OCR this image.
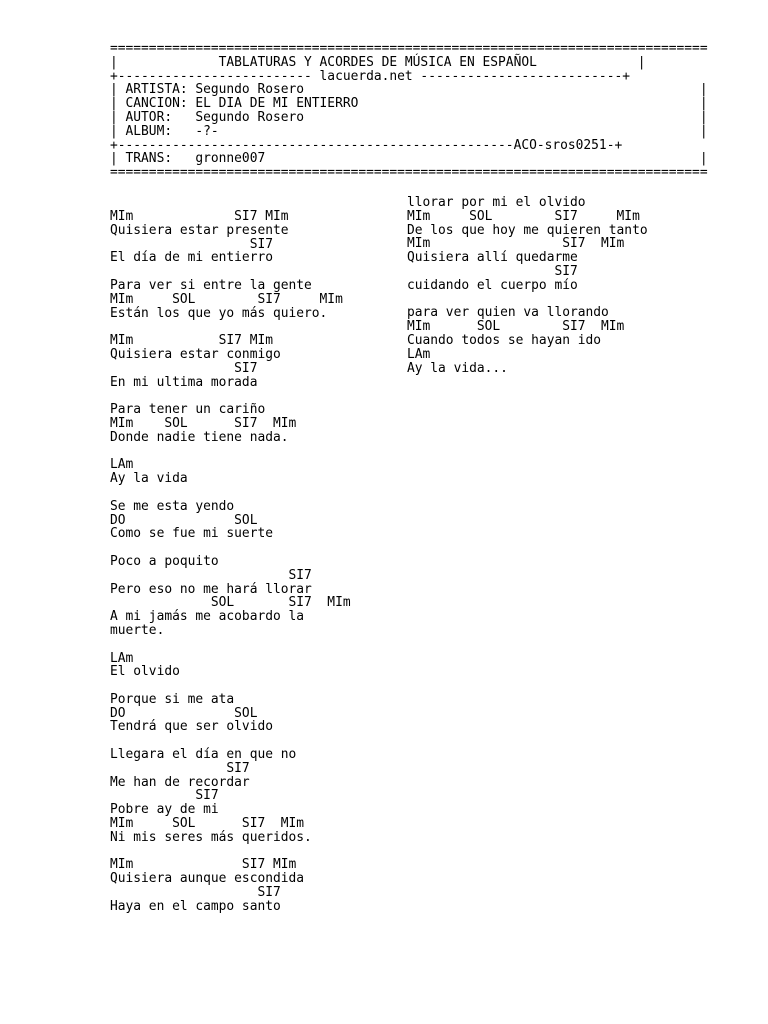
=============================================================================
|             TABLATURAS Y ACORDES DE MÚSICA EN ESPAÑOL             |
+------------------------- lacuerda.net --------------------------+
| ARTISTA: Segundo Rosero                                                   |
| CANCION: EL DIA DE MI ENTIERRO                                            |
| AUTOR:   Segundo Rosero                                                   |
| ALBUM:   -?-                                                              |
+---------------------------------------------------ACO-sros0251-+
| TRANS:   gronne007                                                        |
=============================================================================
MIm             SI7 MIm
Quisiera estar presente
SI7
El día de mi entierro
Para ver si entre la gente
MIm     SOL        SI7     MIm
Están los que yo más quiero.
MIm           SI7 MIm
Quisiera estar conmigo
SI7
En mi ultima morada
Para tener un cariño
MIm    SOL      SI7  MIm
Donde nadie tiene nada.
LAm
Ay la vida
Se me esta yendo
DO              SOL
Como se fue mi suerte
Poco a poquito
SI7
Pero eso no me hará llorar
SOL       SI7  MIm
A mi jamás me acobardo la
muerte.
LAm
El olvido
Porque si me ata
DO              SOL
Tendrá que ser olvido
Llegara el día en que no
SI7
Me han de recordar
SI7
Pobre ay de mi
MIm     SOL      SI7  MIm
Ni mis seres más queridos.
MIm              SI7 MIm
Quisiera aunque escondida
SI7
Haya en el campo santo
llorar por mi el olvido
MIm     SOL        SI7     MIm
De los que hoy me quieren tanto
MIm                 SI7  MIm
Quisiera allí quedarme
SI7
cuidando el cuerpo mío
para ver quien va llorando
MIm      SOL        SI7  MIm
Cuando todos se hayan ido
LAm
Ay la vida...
